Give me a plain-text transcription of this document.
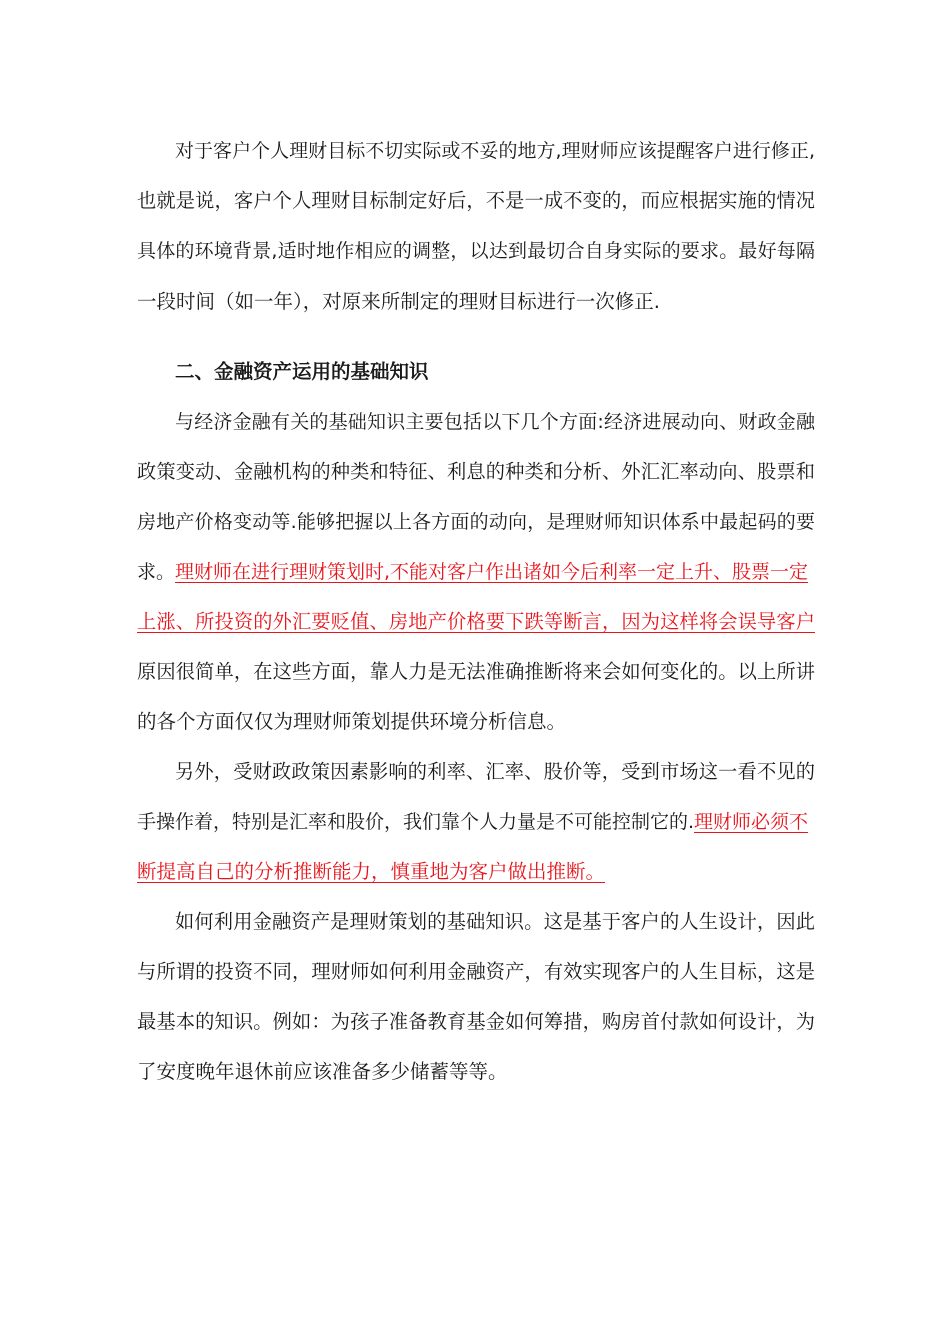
对于客户个人理财目标不切实际或不妥的地方,理财师应该提醒客户进行修正,
也就是说，客户个人理财目标制定好后，不是一成不变的，而应根据实施的情况
具体的环境背景,适时地作相应的调整，以达到最切合自身实际的要求。最好每隔
一段时间（如一年），对原来所制定的理财目标进行一次修正.
二、金融资产运用的基础知识
与经济金融有关的基础知识主要包括以下几个方面:经济进展动向、财政金融
政策变动、金融机构的种类和特征、利息的种类和分析、外汇汇率动向、股票和
房地产价格变动等.能够把握以上各方面的动向，是理财师知识体系中最起码的要
求。理财师在进行理财策划时,不能对客户作出诸如今后利率一定上升、股票一定
上涨、所投资的外汇要贬值、房地产价格要下跌等断言，因为这样将会误导客户
原因很简单，在这些方面，靠人力是无法准确推断将来会如何变化的。以上所讲
的各个方面仅仅为理财师策划提供环境分析信息。
另外，受财政政策因素影响的利率、汇率、股价等，受到市场这一看不见的
手操作着，特别是汇率和股价，我们靠个人力量是不可能控制它的.理财师必须不
断提高自己的分析推断能力，慎重地为客户做出推断。
如何利用金融资产是理财策划的基础知识。这是基于客户的人生设计，因此
与所谓的投资不同，理财师如何利用金融资产，有效实现客户的人生目标，这是
最基本的知识。例如：为孩子准备教育基金如何筹措，购房首付款如何设计，为
了安度晚年退休前应该准备多少储蓄等等。
